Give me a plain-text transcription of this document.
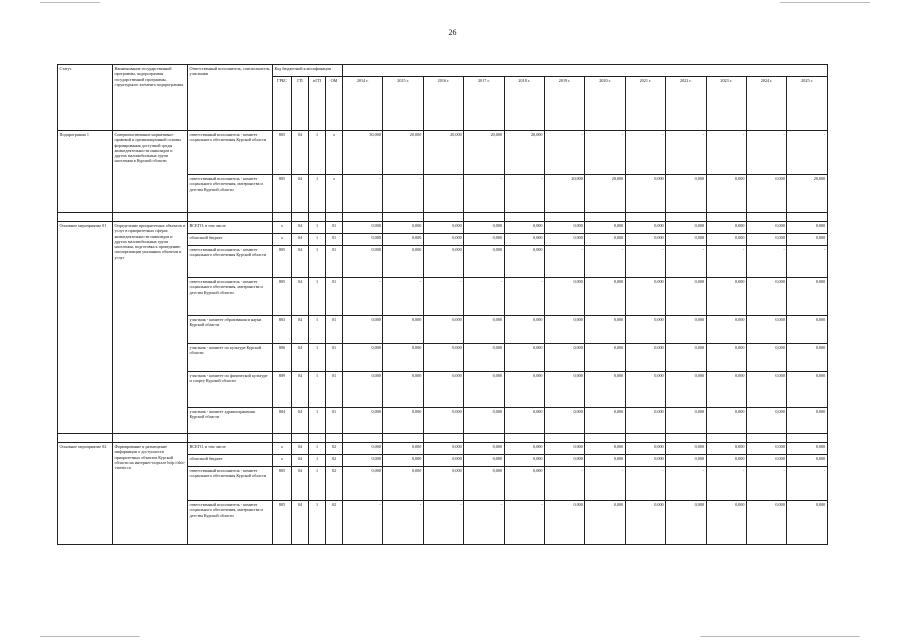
26
Статус	Наименование государственной программы, подпрограммы государственной программы, структурного элемента подпрограммы	Ответственный исполнитель, соисполнитель, участники	Код бюджетной классификации															
			ГРБС	ГП	пГП	ОМ	2014 г.	2015 г.	2016 г.	2017 г.	2018 г.	2019 г.	2020 г.	2021 г.	2022 г.	2023 г.	2024 г.	2025 г.
Подпрограмма 1	Совершенствование нормативно-правовой и организационной основы формирования доступной среды жизнедеятельности инвалидов и других маломобильных групп населения в Курской области	ответственный исполнитель - комитет социального обеспечения Курской области	805	04	1	х	30,000	20,000	20,000	20,000	20,000	-	-	-	-	-	-	-
		ответственный исполнитель - комитет социального обеспечения, материнства и детства Курской области	805	04	1	х	-	-	-	-	-	20,000	20,000	0,000	0,000	0,000	0,000	20,000

Основное мероприятие 01	Определение приоритетных объектов и услуг в приоритетных сферах жизнедеятельности инвалидов и других маломобильных групп населения, подготовка к проведению паспортизации указанных объектов и услуг	ВСЕГО, в том числе	х	04	1	01	0,000	0,000	0,000	0,000	0,000	0,000	0,000	0,000	0,000	0,000	0,000	0,000
		областной бюджет	х	04	1	01	0,000	0,000	0,000	0,000	0,000	0,000	0,000	0,000	0,000	0,000	0,000	0,000
		ответственный исполнитель - комитет социального обеспечения Курской области	805	04	1	01	0,000	0,000	0,000	0,000	0,000	-	-	-	-	-	-	-
		ответственный исполнитель - комитет социального обеспечения, материнства и детства Курской области	805	04	1	01	-	-	-	-	-	0,000	0,000	0,000	0,000	0,000	0,000	0,000
		участник - комитет образования и науки Курской области	803	04	1	01	0,000	0,000	0,000	0,000	0,000	0,000	0,000	0,000	0,000	0,000	0,000	0,000
		участник - комитет по культуре Курской области	806	04	1	01	0,000	0,000	0,000	0,000	0,000	0,000	0,000	0,000	0,000	0,000	0,000	0,000
		участник - комитет по физической культуре и спорту Курской области	809	04	1	01	0,000	0,000	0,000	0,000	0,000	0,000	0,000	0,000	0,000	0,000	0,000	0,000
		участник - комитет здравоохранения Курской области	804	04	1	01	0,000	0,000	0,000	0,000	0,000	0,000	0,000	0,000	0,000	0,000	0,000	0,000

Основное мероприятие 02	Формирование и размещение информации о доступности приоритетных объектов Курской области на интернет-портале http://zhit-vmeste.ru	ВСЕГО, в том числе	х	04	1	02	0,000	0,000	0,000	0,000	0,000	0,000	0,000	0,000	0,000	0,000	0,000	0,000
		областной бюджет	х	04	1	02	0,000	0,000	0,000	0,000	0,000	0,000	0,000	0,000	0,000	0,000	0,000	0,000
		ответственный исполнитель - комитет социального обеспечения Курской области	805	04	1	02	0,000	0,000	0,000	0,000	0,000	-	-	-	-	-	-	-
		ответственный исполнитель - комитет социального обеспечения, материнства и детства Курской области	805	04	1	02	-	-	-	-	-	0,000	0,000	0,000	0,000	0,000	0,000	0,000
